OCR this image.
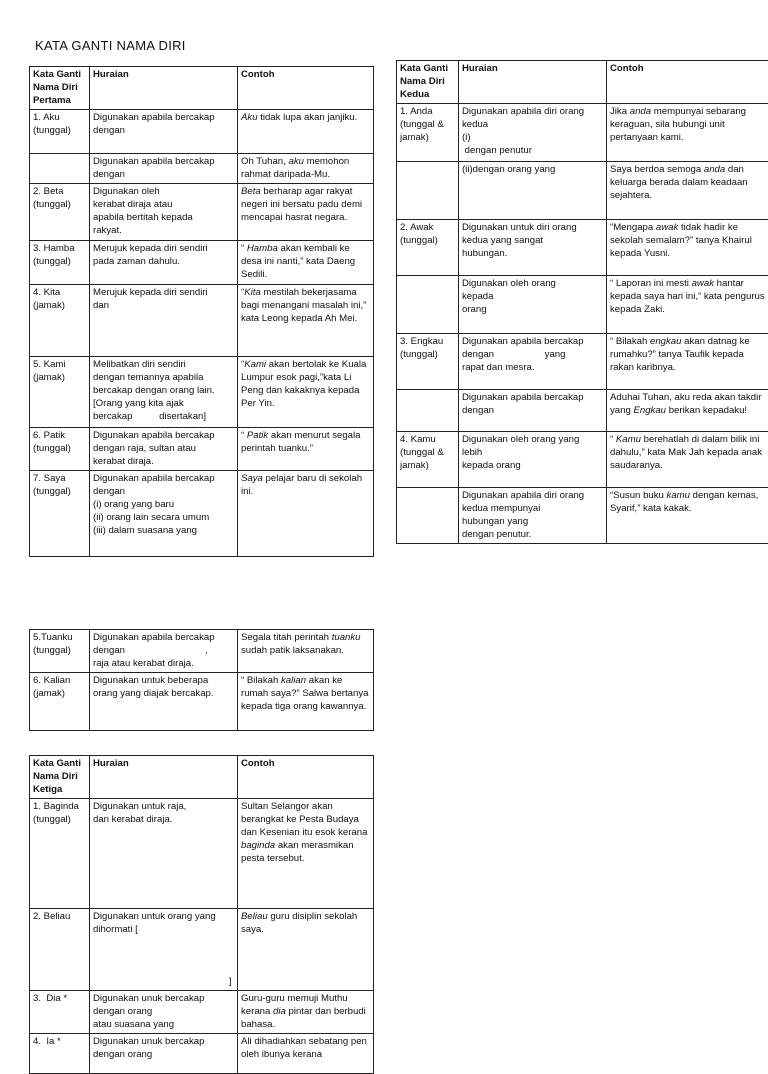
KATA GANTI NAMA DIRI
Kata Ganti
Nama Diri
Pertama	Huraian	Contoh

1. Aku
(tunggal)	Digunakan apabila bercakap
dengan	Aku tidak lupa akan janjiku.

	Digunakan apabila bercakap
dengan	Oh Tuhan, aku memohon rahmat daripada-Mu.

2. Beta
(tunggal)	Digunakan oleh
kerabat diraja atau
apabila bertitah kepada
rakyat.	Beta berharap agar rakyat negeri ini bersatu padu demi mencapai hasrat negara.

3. Hamba
(tunggal)	Merujuk kepada diri sendiri
pada zaman dahulu.	“ Hamba akan kembali ke desa ini nanti,” kata Daeng Sedili.

4. Kita
(jamak)	Merujuk kepada diri sendiri
dan	“Kita mestilah bekerjasama bagi menangani masalah ini,” kata Leong kepada Ah Mei.

5. Kami
(jamak)	Melibatkan diri sendiri
dengan temannya apabila
bercakap dengan orang lain.
[Orang yang kita ajak
bercakap          disertakan]	“Kami akan bertolak ke Kuala Lumpur esok pagi,”kata Li Peng dan kakaknya kepada Per Yin.

6. Patik
(tunggal)	Digunakan apabila bercakap
dengan raja, sultan atau
kerabat diraja.	“ Patik akan menurut segala perintah tuanku.”

7. Saya
(tunggal)	Digunakan apabila bercakap
dengan
(i) orang yang baru
(ii) orang lain secara umum
(iii) dalam suasana yang	Saya pelajar baru di sekolah ini.
Kata Ganti
Nama Diri
Kedua	Huraian	Contoh

1. Anda
(tunggal &
jamak)	Digunakan apabila diri orang
kedua
(i)
dengan penutur	Jika anda mempunyai sebarang keraguan, sila hubungi unit pertanyaan kami.

	(ii)dengan orang yang	Saya berdoa semoga anda dan keluarga berada dalam keadaan sejahtera.

2. Awak
(tunggal)	Digunakan untuk diri orang
kedua yang sangat
hubungan.	“Mengapa awak tidak hadir ke sekolah semalam?” tanya Khairul kepada Yusni.

	Digunakan oleh orang
kepada
orang	“ Laporan ini mesti awak hantar kepada saya hari ini,” kata pengurus kepada Zaki.

3. Engkau
(tunggal)	Digunakan apabila bercakap
dengan                   yang
rapat dan mesra.	“ Bilakah engkau akan datnag ke rumahku?” tanya Taufik kepada rakan karibnya.

	Digunakan apabila bercakap
dengan	Aduhai Tuhan, aku reda akan takdir yang Engkau berikan kepadaku!

4. Kamu
(tunggal &
jamak)	Digunakan oleh orang yang
lebih
kepada orang	“ Kamu berehatlah di dalam bilik ini dahulu,” kata Mak Jah kepada anak saudaranya.

	Digunakan apabila diri orang
kedua mempunyai
hubungan yang
dengan penutur.	“Susun buku kamu dengan kemas, Syarif,” kata kakak.
5.Tuanku
(tunggal)	Digunakan apabila bercakap
dengan                              ,
raja atau kerabat diraja.	Segala titah perintah tuanku sudah patik laksanakan.

6. Kalian
(jamak)	Digunakan untuk beberapa
orang yang diajak bercakap.	“ Bilakah kalian akan ke rumah saya?” Salwa bertanya kepada tiga orang kawannya.
Kata Ganti
Nama Diri
Ketiga	Huraian	Contoh

1. Baginda
(tunggal)	Digunakan untuk raja,
dan kerabat diraja.	Sultan Selangor akan berangkat ke Pesta Budaya dan Kesenian itu esok kerana baginda akan merasmikan pesta tersebut.

2. Beliau	Digunakan untuk orang yang
dihormati [

]	Beliau guru disiplin sekolah saya.

3.  Dia *	Digunakan unuk bercakap
dengan orang
atau suasana yang	Guru-guru memuji Muthu kerana dia pintar dan berbudi bahasa.

4.  Ia *	Digunakan unuk bercakap
dengan orang	Ali dihadiahkan sebatang pen oleh ibunya kerana
